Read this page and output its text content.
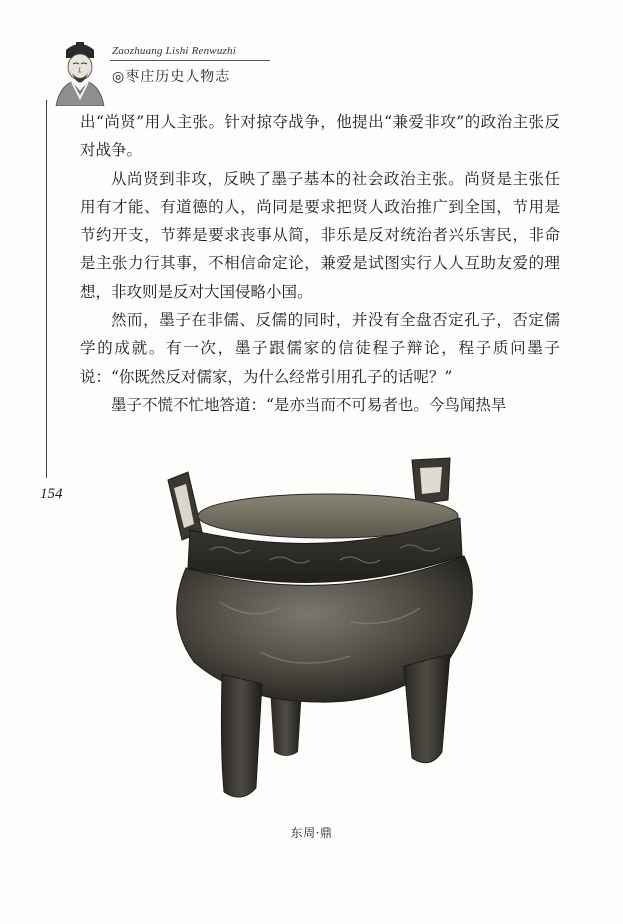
Zaozhuang Lishi Renwuzhi
◎枣庄历史人物志
154

出“尚贤”用人主张。针对掠夺战争，他提出“兼爱非攻”的政治主张反对战争。

从尚贤到非攻，反映了墨子基本的社会政治主张。尚贤是主张任用有才能、有道德的人，尚同是要求把贤人政治推广到全国，节用是节约开支，节葬是要求丧事从简，非乐是反对统治者兴乐害民，非命是主张力行其事，不相信命定论，兼爱是试图实行人人互助友爱的理想，非攻则是反对大国侵略小国。

然而，墨子在非儒、反儒的同时，并没有全盘否定孔子，否定儒学的成就。有一次，墨子跟儒家的信徒程子辩论，程子质问墨子说：“你既然反对儒家，为什么经常引用孔子的话呢？”

墨子不慌不忙地答道：“是亦当而不可易者也。今鸟闻热旱

东周·鼎
